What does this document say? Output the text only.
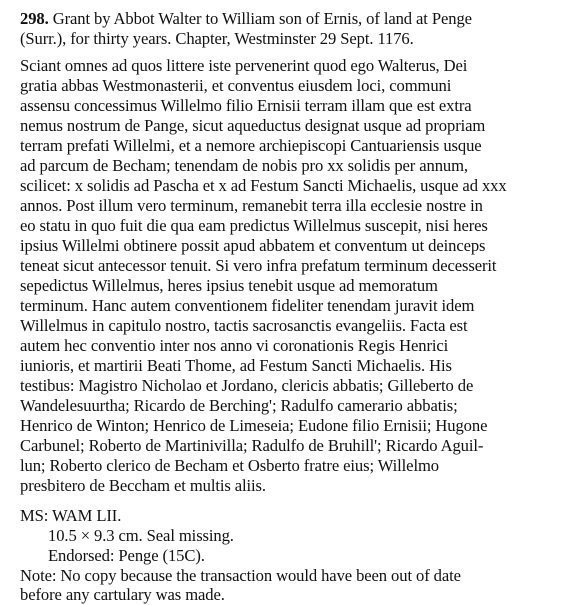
298. Grant by Abbot Walter to William son of Ernis, of land at Penge
(Surr.), for thirty years. Chapter, Westminster 29 Sept. 1176.
Sciant omnes ad quos littere iste pervenerint quod ego Walterus, Dei
gratia abbas Westmonasterii, et conventus eiusdem loci, communi
assensu concessimus Willelmo filio Ernisii terram illam que est extra
nemus nostrum de Pange, sicut aqueductus designat usque ad propriam
terram prefati Willelmi, et a nemore archiepiscopi Cantuariensis usque
ad parcum de Becham; tenendam de nobis pro xx solidis per annum,
scilicet: x solidis ad Pascha et x ad Festum Sancti Michaelis, usque ad xxx
annos. Post illum vero terminum, remanebit terra illa ecclesie nostre in
eo statu in quo fuit die qua eam predictus Willelmus suscepit, nisi heres
ipsius Willelmi obtinere possit apud abbatem et conventum ut deinceps
teneat sicut antecessor tenuit. Si vero infra prefatum terminum decesserit
sepedictus Willelmus, heres ipsius tenebit usque ad memoratum
terminum. Hanc autem conventionem fideliter tenendam juravit idem
Willelmus in capitulo nostro, tactis sacrosanctis evangeliis. Facta est
autem hec conventio inter nos anno vi coronationis Regis Henrici
iunioris, et martirii Beati Thome, ad Festum Sancti Michaelis. His
testibus: Magistro Nicholao et Jordano, clericis abbatis; Gilleberto de
Wandelesuurtha; Ricardo de Berching'; Radulfo camerario abbatis;
Henrico de Winton; Henrico de Limeseia; Eudone filio Ernisii; Hugone
Carbunel; Roberto de Martinivilla; Radulfo de Bruhill'; Ricardo Aguil-
lun; Roberto clerico de Becham et Osberto fratre eius; Willelmo
presbitero de Beccham et multis aliis.
MS: WAM LII.
10.5 × 9.3 cm. Seal missing.
Endorsed: Penge (15C).
Note: No copy because the transaction would have been out of date
before any cartulary was made.
